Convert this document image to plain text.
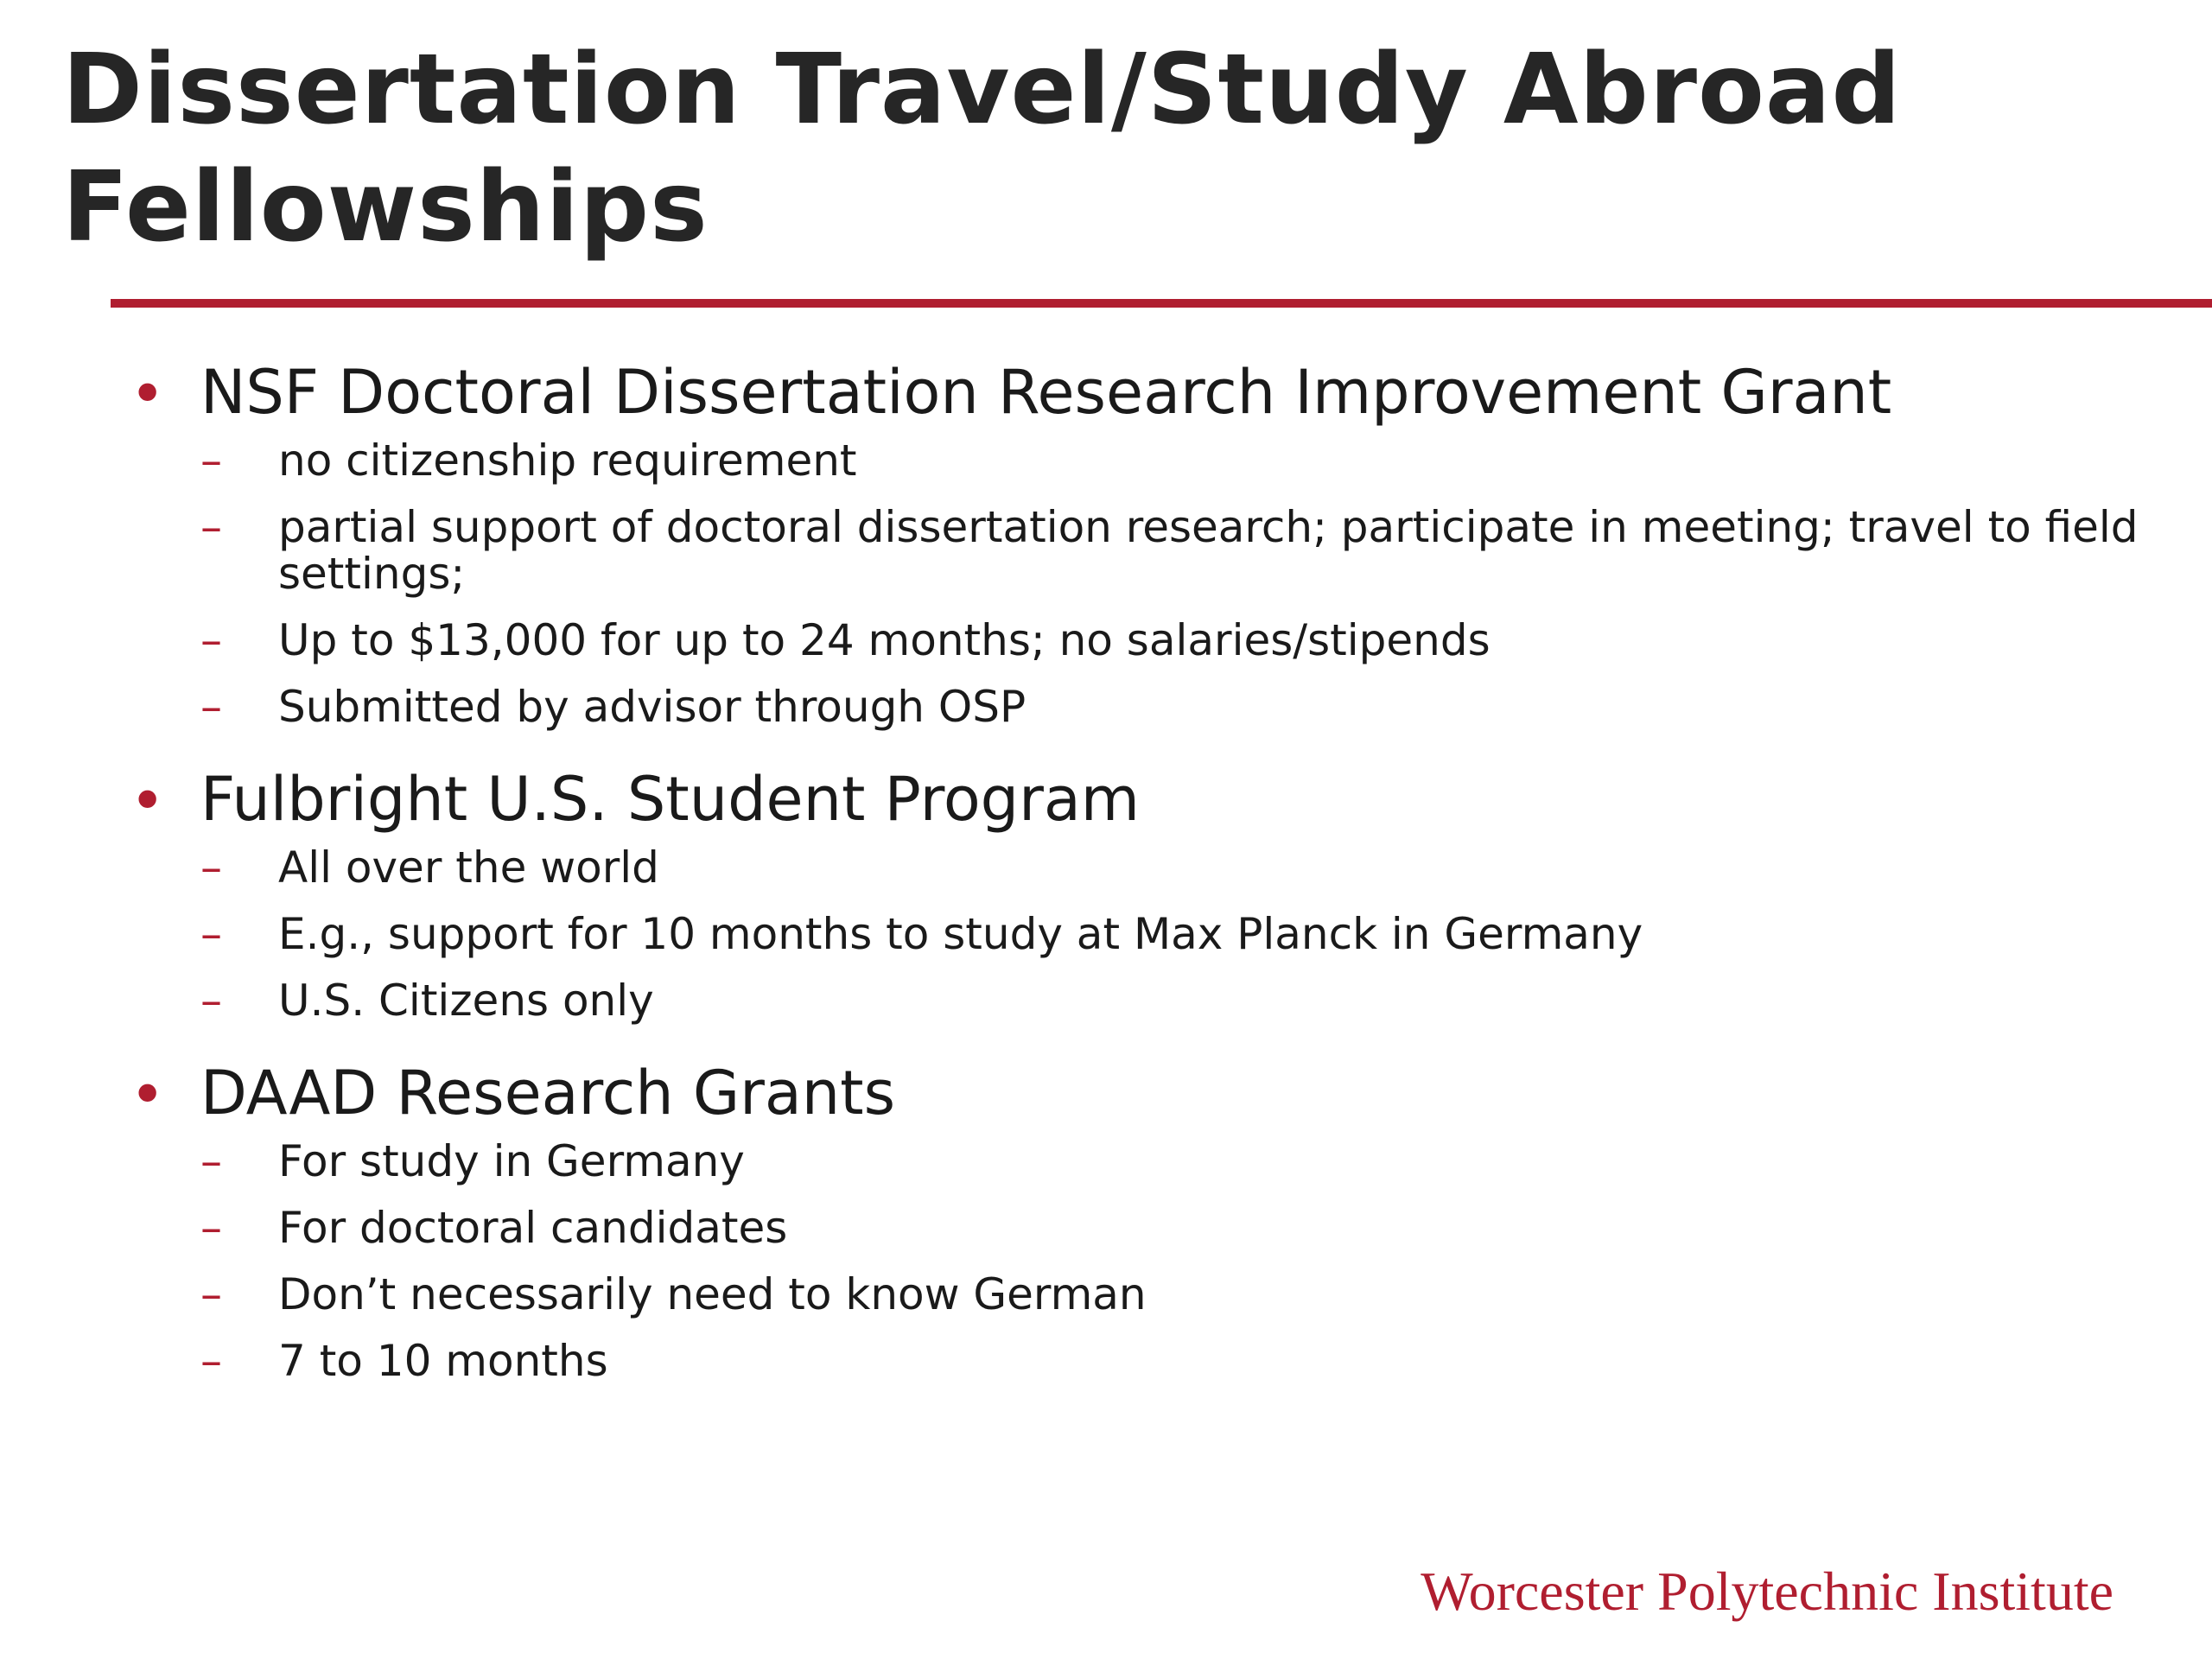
Dissertation Travel/Study Abroad Fellowships
• NSF Doctoral Dissertation Research Improvement Grant
– no citizenship requirement
– partial support of doctoral dissertation research; participate in meeting; travel to field settings;
– Up to $13,000 for up to 24 months; no salaries/stipends
– Submitted by advisor through OSP
• Fulbright U.S. Student Program
– All over the world
– E.g., support for 10 months to study at Max Planck in Germany
– U.S. Citizens only
• DAAD Research Grants
– For study in Germany
– For doctoral candidates
– Don’t necessarily need to know German
– 7 to 10 months
Worcester Polytechnic Institute
